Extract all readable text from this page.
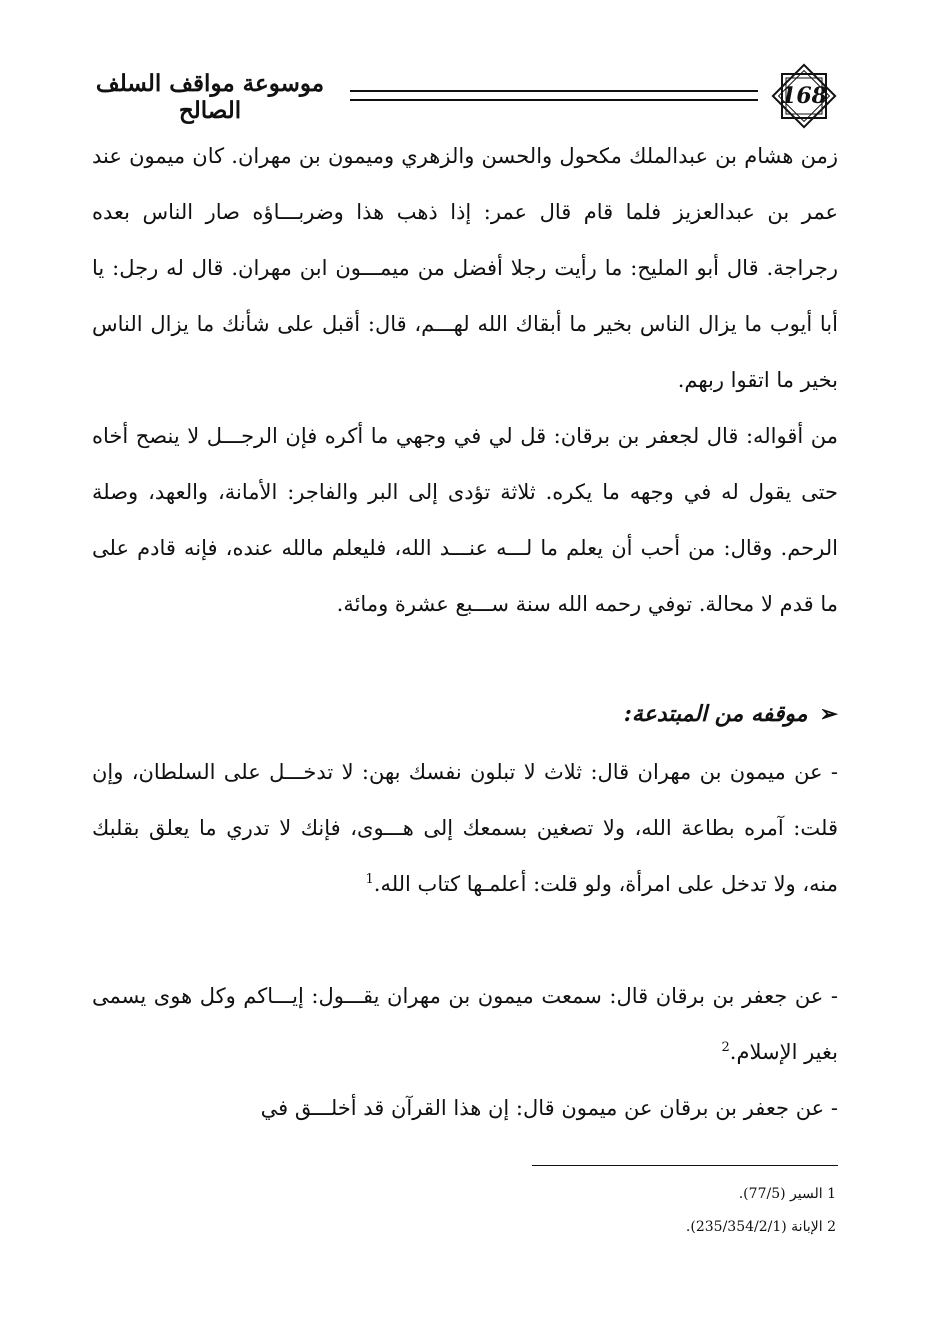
168
موسوعة مواقف السلف الصالح

زمن هشام بن عبدالملك مكحول والحسن والزهري وميمون بن مهران. كان ميمون عند عمر بن عبدالعزيز فلما قام قال عمر: إذا ذهب هذا وضربـــاؤه صار الناس بعده رجراجة. قال أبو المليح: ما رأيت رجلا أفضل من ميمـــون ابن مهران. قال له رجل: يا أبا أيوب ما يزال الناس بخير ما أبقاك الله لهـــم، قال: أقبل على شأنك ما يزال الناس بخير ما اتقوا ربهم.

من أقواله: قال لجعفر بن برقان: قل لي في وجهي ما أكره فإن الرجـــل لا ينصح أخاه حتى يقول له في وجهه ما يكره. ثلاثة تؤدى إلى البر والفاجر: الأمانة، والعهد، وصلة الرحم. وقال: من أحب أن يعلم ما لـــه عنـــد الله، فليعلم مالله عنده، فإنه قادم على ما قدم لا محالة. توفي رحمه الله سنة ســـبع عشرة ومائة.

➢موقفه من المبتدعة:

- عن ميمون بن مهران قال: ثلاث لا تبلون نفسك بهن: لا تدخـــل على السلطان، وإن قلت: آمره بطاعة الله، ولا تصغين بسمعك إلى هـــوى، فإنك لا تدري ما يعلق بقلبك منه، ولا تدخل على امرأة، ولو قلت: أعلمـها كتاب الله.$^1$

- عن جعفر بن برقان قال: سمعت ميمون بن مهران يقـــول: إيـــاكم وكل هوى يسمى بغير الإسلام.$^2$

- عن جعفر بن برقان عن ميمون قال: إن هذا القرآن قد أخلـــق في

1 السير (77/5).

2 الإبانة (235/354/2/1).
